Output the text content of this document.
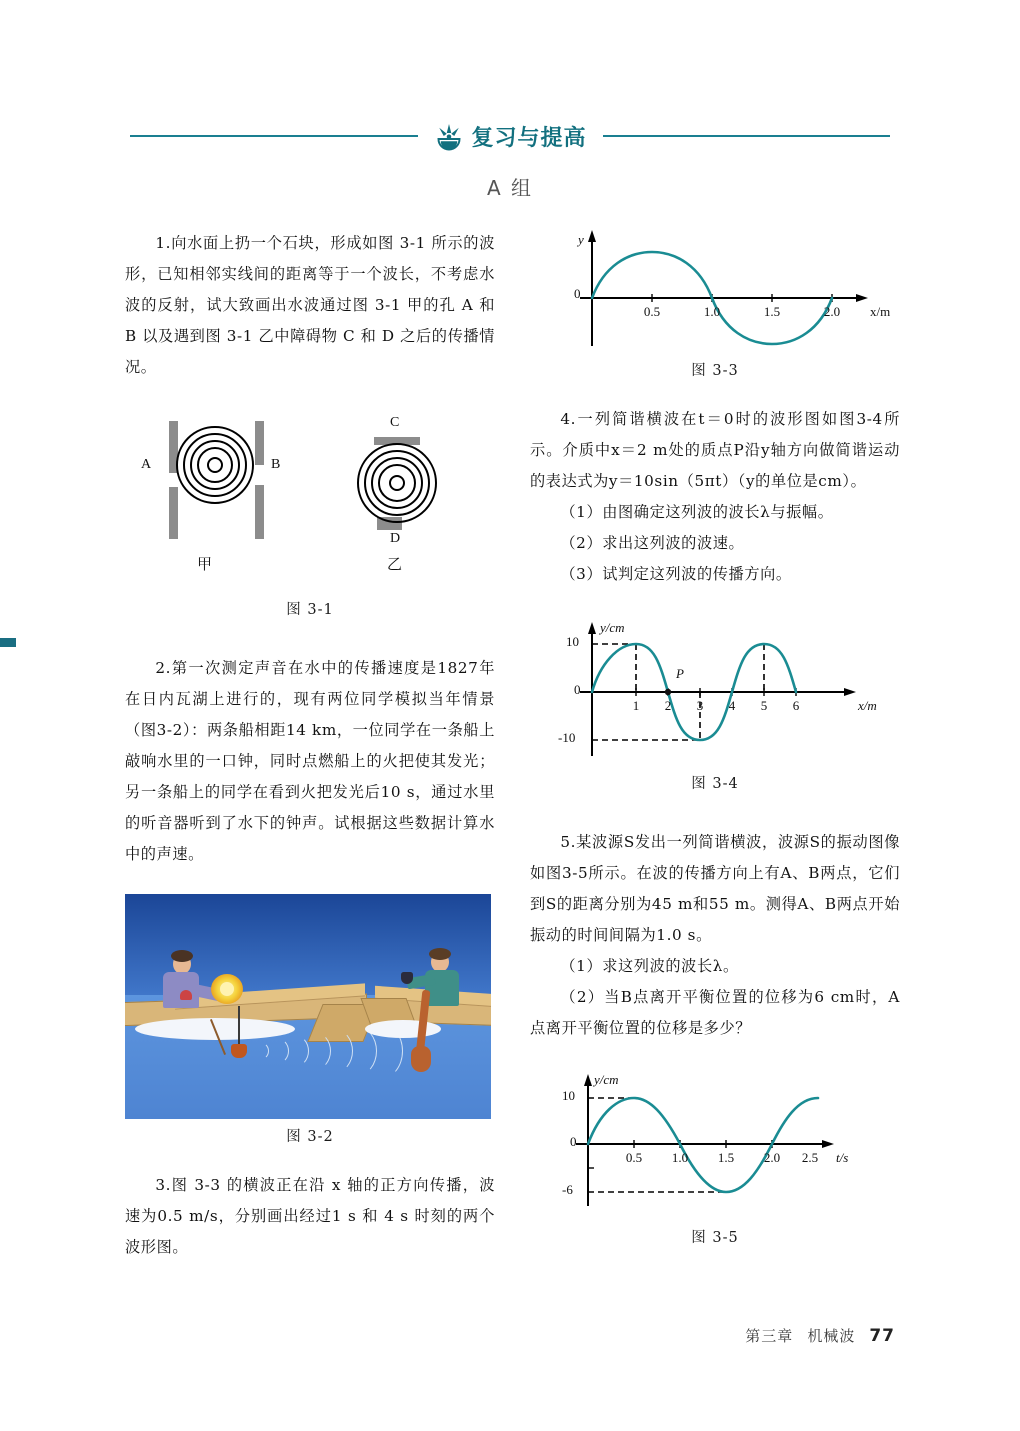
复习与提高
A 组

1.向水面上扔一个石块，形成如图 3-1 所示的波形，已知相邻实线间的距离等于一个波长，不考虑水波的反射，试大致画出水波通过图 3-1 甲的孔 A 和 B 以及遇到图 3-1 乙中障碍物 C 和 D 之后的传播情况。

A	B
甲
C
D
乙
图 3-1

2.第一次测定声音在水中的传播速度是1827年在日内瓦湖上进行的，现有两位同学模拟当年情景（图3-2）：两条船相距14 km，一位同学在一条船上敲响水里的一口钟，同时点燃船上的火把使其发光；另一条船上的同学在看到火把发光后10 s，通过水里的听音器听到了水下的钟声。试根据这些数据计算水中的声速。

图 3-2

3.图 3-3 的横波正在沿 x 轴的正方向传播，波速为0.5 m/s，分别画出经过1 s 和 4 s 时刻的两个波形图。

0
y
x/m
0.5	1.0	1.5	2.0
图 3-3

4.一列简谐横波在t＝0时的波形图如图3-4所示。介质中x＝2 m处的质点P沿y轴方向做简谐运动的表达式为y＝10sin（5πt）（y的单位是cm）。

（1）由图确定这列波的波长λ与振幅。

（2）求出这列波的波速。

（3）试判定这列波的传播方向。

0
y/cm
x/m
10
-10
1	2	3	4	5	6
P
图 3-4

5.某波源S发出一列简谐横波，波源S的振动图像如图3-5所示。在波的传播方向上有A、B两点，它们到S的距离分别为45 m和55 m。测得A、B两点开始振动的时间间隔为1.0 s。

（1）求这列波的波长λ。

（2）当B点离开平衡位置的位移为6 cm时，A点离开平衡位置的位移是多少？

0
y/cm
t/s
10
-6
0.5	1.0	1.5	2.0	2.5
图 3-5
第三章 机械波 77
